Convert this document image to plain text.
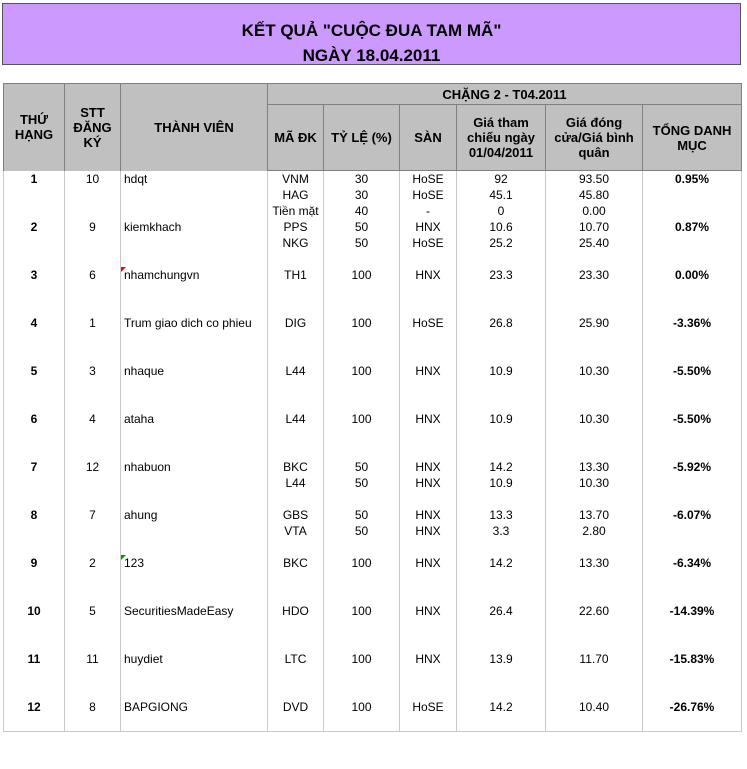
KẾT QUẢ "CUỘC ĐUA TAM MÃ"
NGÀY 18.04.2011
THỨ HẠNG	STT ĐĂNG KÝ	THÀNH VIÊN	CHẶNG 2 - T04.2011					
			MÃ ĐK	TỶ LỆ (%)	SÀN	Giá tham chiếu ngày 01/04/2011	Giá đóng cửa/Giá bình quân	TỔNG DANH MỤC
1	10	hdqt	VNM	30	HoSE	92	93.50	0.95%
			HAG	30	HoSE	45.1	45.80	
			Tiền mặt	40	-	0	0.00	
2	9	kiemkhach	PPS	50	HNX	10.6	10.70	0.87%
			NKG	50	HoSE	25.2	25.40	

3	6	nhamchungvn	TH1	100	HNX	23.3	23.30	0.00%

4	1	Trum giao dich co phieu	DIG	100	HoSE	26.8	25.90	-3.36%

5	3	nhaque	L44	100	HNX	10.9	10.30	-5.50%

6	4	ataha	L44	100	HNX	10.9	10.30	-5.50%

7	12	nhabuon	BKC	50	HNX	14.2	13.30	-5.92%
			L44	50	HNX	10.9	10.30	

8	7	ahung	GBS	50	HNX	13.3	13.70	-6.07%
			VTA	50	HNX	3.3	2.80	

9	2	123	BKC	100	HNX	14.2	13.30	-6.34%

10	5	SecuritiesMadeEasy	HDO	100	HNX	26.4	22.60	-14.39%

11	11	huydiet	LTC	100	HNX	13.9	11.70	-15.83%

12	8	BAPGIONG	DVD	100	HoSE	14.2	10.40	-26.76%
